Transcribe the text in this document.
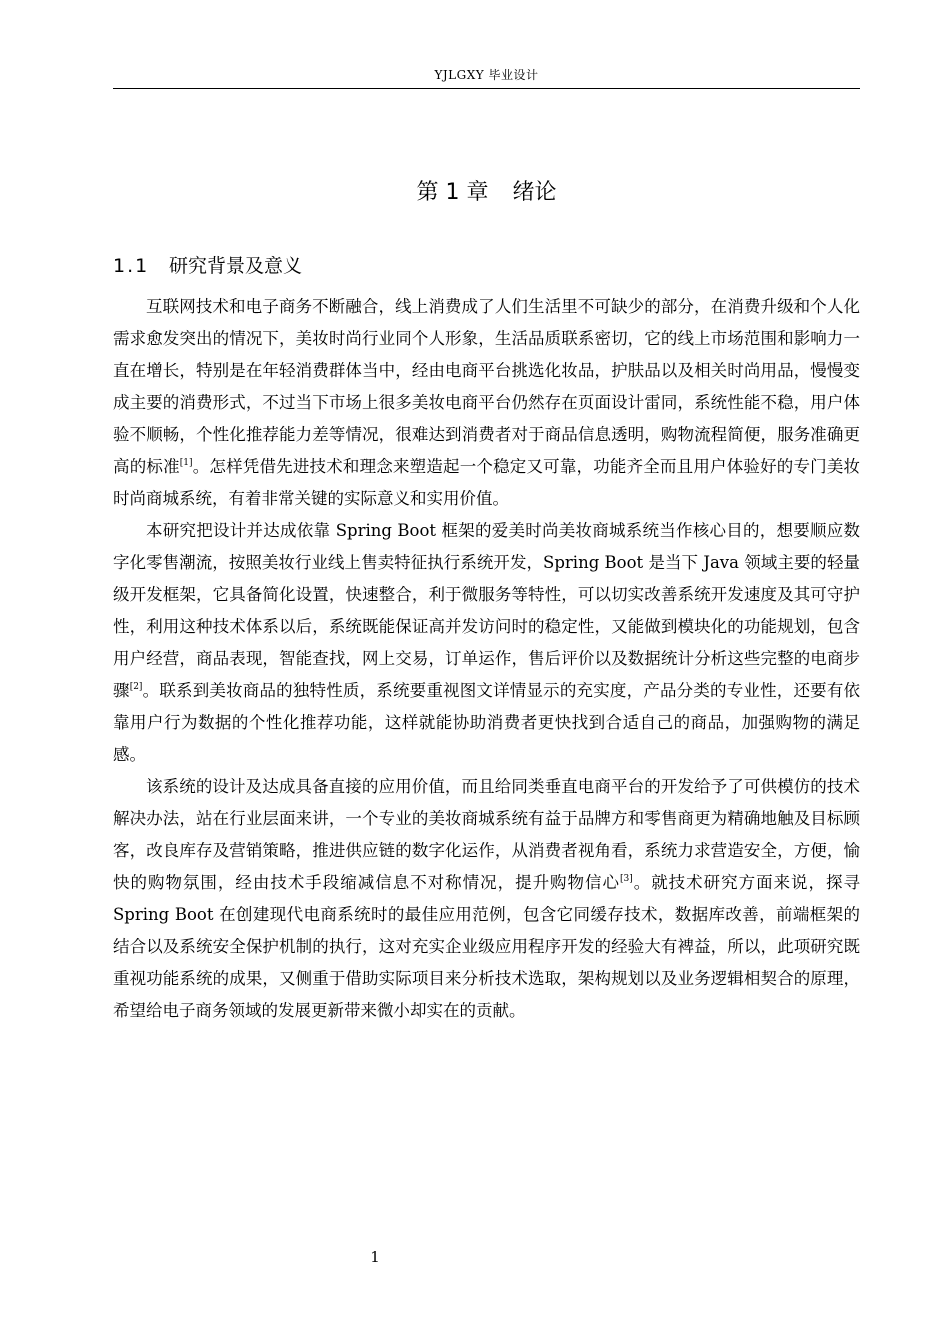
YJLGXY 毕业设计
第 1 章 绪论
1.1 研究背景及意义

互联网技术和电子商务不断融合，线上消费成了人们生活里不可缺少的部分，在消费升级和个人化需求愈发突出的情况下，美妆时尚行业同个人形象，生活品质联系密切，它的线上市场范围和影响力一直在增长，特别是在年轻消费群体当中，经由电商平台挑选化妆品，护肤品以及相关时尚用品，慢慢变成主要的消费形式，不过当下市场上很多美妆电商平台仍然存在页面设计雷同，系统性能不稳，用户体验不顺畅，个性化推荐能力差等情况，很难达到消费者对于商品信息透明，购物流程简便，服务准确更高的标准[1]。怎样凭借先进技术和理念来塑造起一个稳定又可靠，功能齐全而且用户体验好的专门美妆时尚商城系统，有着非常关键的实际意义和实用价值。

本研究把设计并达成依靠 Spring Boot 框架的爱美时尚美妆商城系统当作核心目的，想要顺应数字化零售潮流，按照美妆行业线上售卖特征执行系统开发，Spring Boot 是当下 Java 领域主要的轻量级开发框架，它具备简化设置，快速整合，利于微服务等特性，可以切实改善系统开发速度及其可守护性，利用这种技术体系以后，系统既能保证高并发访问时的稳定性，又能做到模块化的功能规划，包含用户经营，商品表现，智能查找，网上交易，订单运作，售后评价以及数据统计分析这些完整的电商步骤[2]。联系到美妆商品的独特性质，系统要重视图文详情显示的充实度，产品分类的专业性，还要有依靠用户行为数据的个性化推荐功能，这样就能协助消费者更快找到合适自己的商品，加强购物的满足感。

该系统的设计及达成具备直接的应用价值，而且给同类垂直电商平台的开发给予了可供模仿的技术解决办法，站在行业层面来讲，一个专业的美妆商城系统有益于品牌方和零售商更为精确地触及目标顾客，改良库存及营销策略，推进供应链的数字化运作，从消费者视角看，系统力求营造安全，方便，愉快的购物氛围，经由技术手段缩减信息不对称情况，提升购物信心[3]。就技术研究方面来说，探寻 Spring Boot 在创建现代电商系统时的最佳应用范例，包含它同缓存技术，数据库改善，前端框架的结合以及系统安全保护机制的执行，这对充实企业级应用程序开发的经验大有裨益，所以，此项研究既重视功能系统的成果，又侧重于借助实际项目来分析技术选取，架构规划以及业务逻辑相契合的原理，希望给电子商务领域的发展更新带来微小却实在的贡献。

1
